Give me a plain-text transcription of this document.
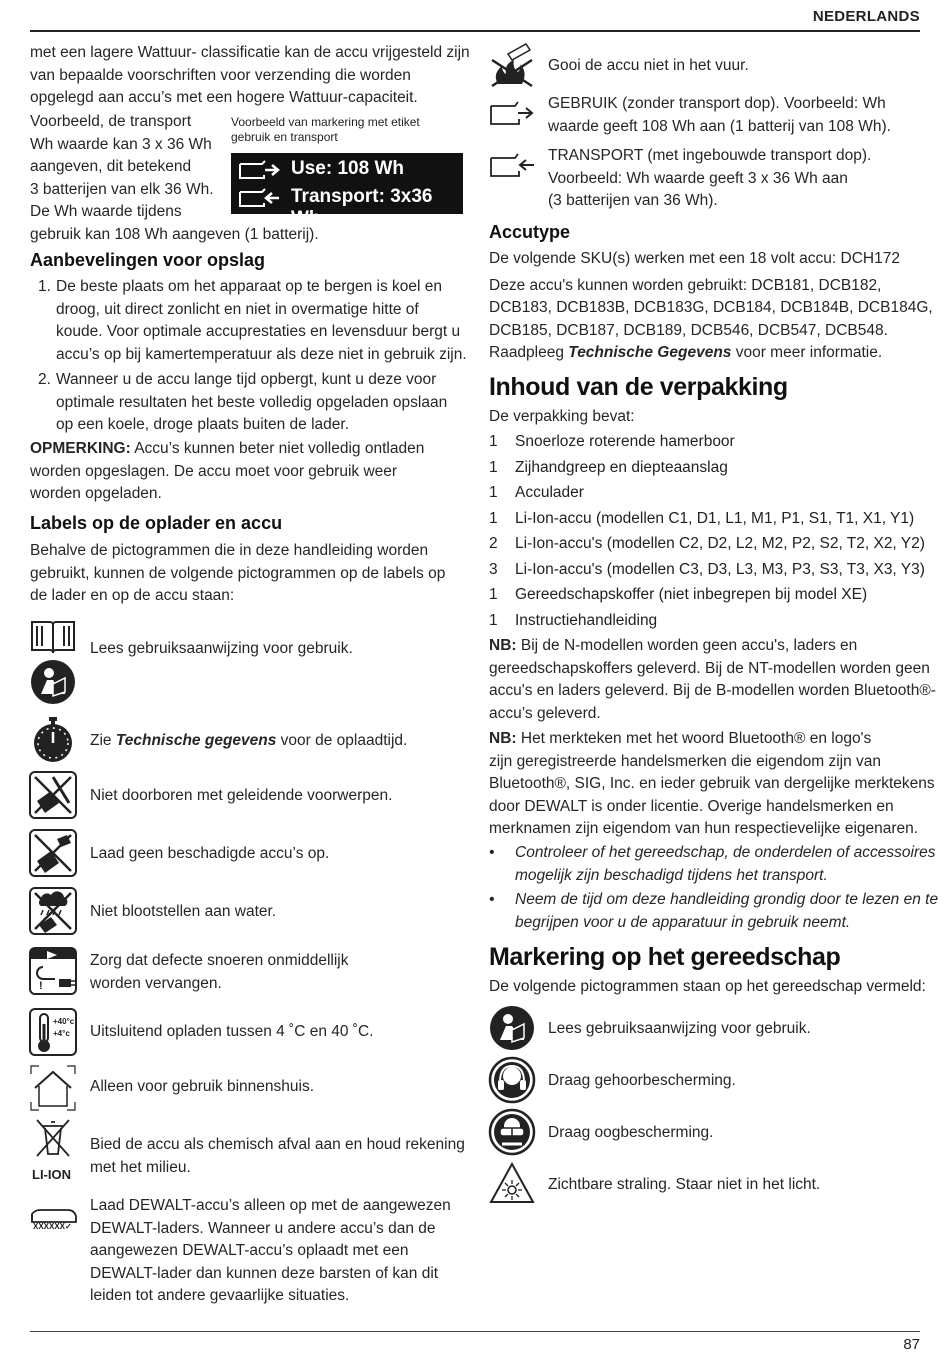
NEDERLANDS
met een lagere Wattuur- classificatie kan de accu vrijgesteld zijn
van bepaalde voorschriften voor verzending die worden
opgelegd aan accu’s met een hogere Wattuur-capaciteit.
Voorbeeld, de transport
Wh waarde kan 3 x 36 Wh
aangeven, dit betekend
3 batterijen van elk 36 Wh.
De Wh waarde tijdens
gebruik kan 108 Wh aangeven (1 batterij).
Voorbeeld van markering met etiket
gebruik en transport
Use: 108 Wh
Transport: 3x36 Wh
Aanbevelingen voor opslag
1. De beste plaats om het apparaat op te bergen is koel en
droog, uit direct zonlicht en niet in overmatige hitte of
koude. Voor optimale accuprestaties en levensduur bergt u
accu’s op bij kamertemperatuur als deze niet in gebruik zijn.
2. Wanneer u de accu lange tijd opbergt, kunt u deze voor
optimale resultaten het beste volledig opgeladen opslaan
op een koele, droge plaats buiten de lader.
OPMERKING: Accu’s kunnen beter niet volledig ontladen
worden opgeslagen. De accu moet voor gebruik weer
worden opgeladen.
Labels op de oplader en accu
Behalve de pictogrammen die in deze handleiding worden
gebruikt, kunnen de volgende pictogrammen op de labels op
de lader en op de accu staan:
Lees gebruiksaanwijzing voor gebruik.
Zie Technische gegevens voor de oplaadtijd.
Niet doorboren met geleidende voorwerpen.
Laad geen beschadigde accu’s op.
Niet blootstellen aan water.
!
Zorg dat defecte snoeren onmiddellijk
worden vervangen.
+40°c
+4°c Uitsluitend opladen tussen 4 ˚C en 40 ˚C.
Alleen voor gebruik binnenshuis.
LI-ION
Bied de accu als chemisch afval aan en houd rekening
met het milieu.
XXXXXX✓
Laad DEWALT-accu’s alleen op met de aangewezen
DEWALT-laders. Wanneer u andere accu’s dan de
aangewezen DEWALT-accu’s oplaadt met een
DEWALT-lader dan kunnen deze barsten of kan dit
leiden tot andere gevaarlijke situaties.
Gooi de accu niet in het vuur.
GEBRUIK (zonder transport dop). Voorbeeld: Wh
waarde geeft 108 Wh aan (1 batterij van 108 Wh).
TRANSPORT (met ingebouwde transport dop).
Voorbeeld: Wh waarde geeft 3 x 36 Wh aan
(3 batterijen van 36 Wh).
Accutype
De volgende SKU(s) werken met een 18 volt accu: DCH172
Deze accu's kunnen worden gebruikt: DCB181, DCB182,
DCB183, DCB183B, DCB183G, DCB184, DCB184B, DCB184G,
DCB185, DCB187, DCB189, DCB546, DCB547, DCB548.
Raadpleeg Technische Gegevens voor meer informatie.
Inhoud van de verpakking
De verpakking bevat:
1 Snoerloze roterende hamerboor
1 Zijhandgreep en diepteaanslag
1 Acculader
1 Li-Ion-accu (modellen C1, D1, L1, M1, P1, S1, T1, X1, Y1)
2 Li-Ion-accu's (modellen C2, D2, L2, M2, P2, S2, T2, X2, Y2)
3 Li-Ion-accu's (modellen C3, D3, L3, M3, P3, S3, T3, X3, Y3)
1 Gereedschapskoffer (niet inbegrepen bij model XE)
1 Instructiehandleiding
NB: Bij de N-modellen worden geen accu's, laders en
gereedschapskoffers geleverd. Bij de NT-modellen worden geen
accu's en laders geleverd. Bij de B-modellen worden Bluetooth®-
accu’s geleverd.
NB: Het merkteken met het woord Bluetooth® en logo's
zijn geregistreerde handelsmerken die eigendom zijn van
Bluetooth®, SIG, Inc. en ieder gebruik van dergelijke merktekens
door DEWALT is onder licentie. Overige handelsmerken en
merknamen zijn eigendom van hun respectievelijke eigenaren.
• Controleer of het gereedschap, de onderdelen of accessoires
mogelijk zijn beschadigd tijdens het transport.
• Neem de tijd om deze handleiding grondig door te lezen en te
begrijpen voor u de apparatuur in gebruik neemt.
Markering op het gereedschap
De volgende pictogrammen staan op het gereedschap vermeld:
Lees gebruiksaanwijzing voor gebruik.
Draag gehoorbescherming.
Draag oogbescherming.
Zichtbare straling. Staar niet in het licht.
87
